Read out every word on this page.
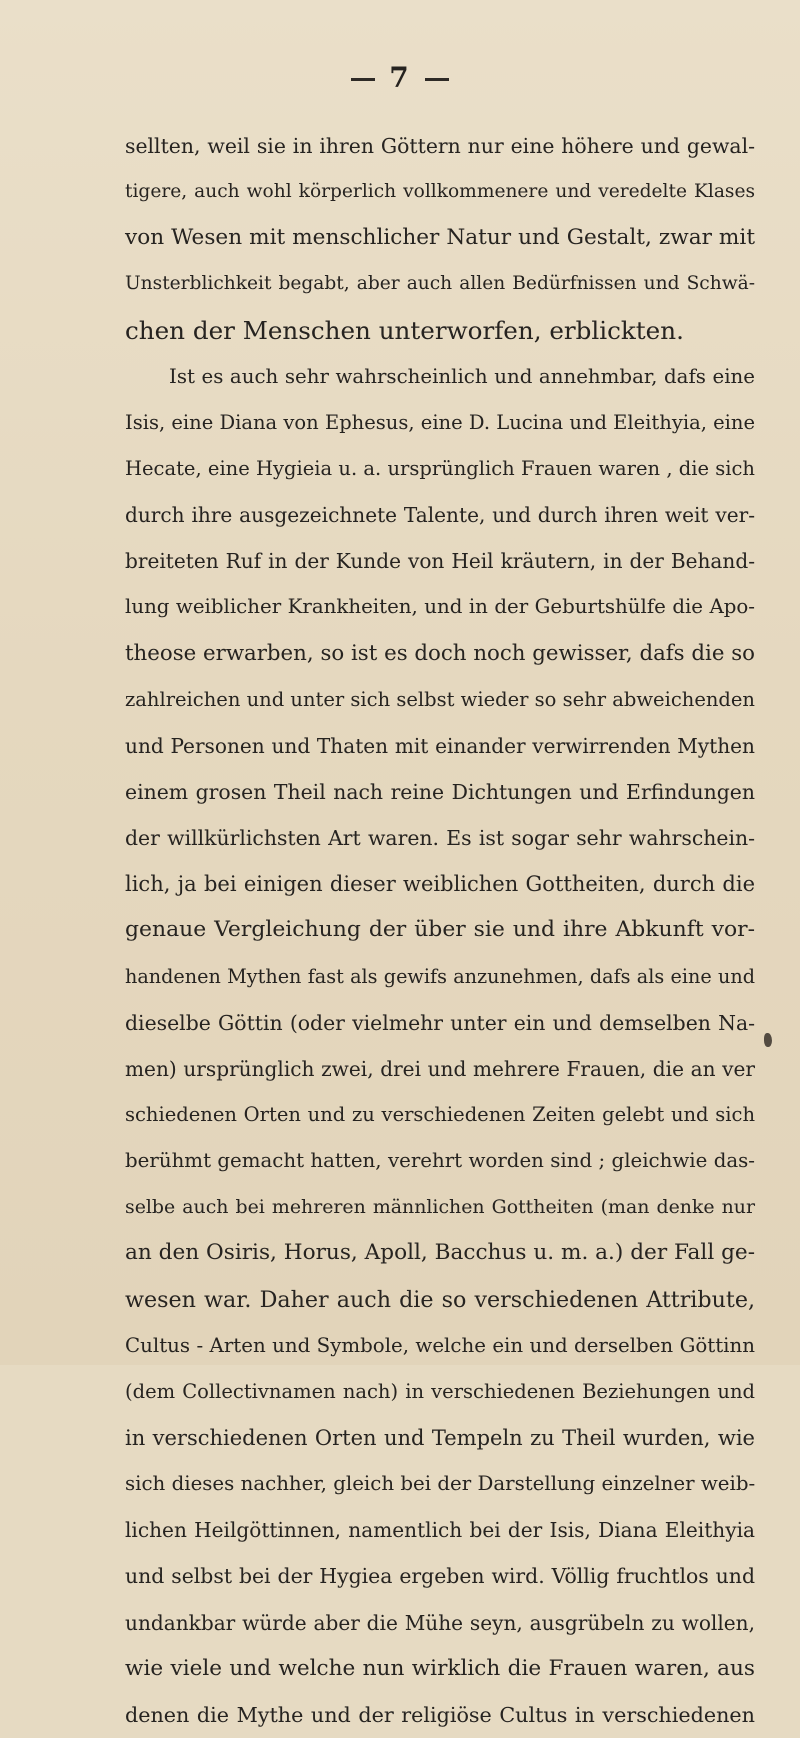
7
sellten, weil sie in ihren Göttern nur eine höhere und gewal-
tigere, auch wohl körperlich vollkommenere und veredelte Klases
von Wesen mit menschlicher Natur und Gestalt, zwar mit
Unsterblichkeit begabt, aber auch allen Bedürfnissen und Schwä-
chen der Menschen unterworfen, erblickten.
Ist es auch sehr wahrscheinlich und annehmbar, dafs eine
Isis, eine Diana von Ephesus, eine D. Lucina und Eleithyia, eine
Hecate, eine Hygieia u. a. ursprünglich Frauen waren , die sich
durch ihre ausgezeichnete Talente, und durch ihren weit ver-
breiteten Ruf in der Kunde von Heil kräutern, in der Behand-
lung weiblicher Krankheiten, und in der Geburtshülfe die Apo-
theose erwarben, so ist es doch noch gewisser, dafs die so
zahlreichen und unter sich selbst wieder so sehr abweichenden
und Personen und Thaten mit einander verwirrenden Mythen
einem grosen Theil nach reine Dichtungen und Erfindungen
der willkürlichsten Art waren. Es ist sogar sehr wahrschein-
lich, ja bei einigen dieser weiblichen Gottheiten, durch die
genaue Vergleichung der über sie und ihre Abkunft vor-
handenen Mythen fast als gewifs anzunehmen, dafs als eine und
dieselbe Göttin (oder vielmehr unter ein und demselben Na-
men) ursprünglich zwei, drei und mehrere Frauen, die an ver
schiedenen Orten und zu verschiedenen Zeiten gelebt und sich
berühmt gemacht hatten, verehrt worden sind ; gleichwie das-
selbe auch bei mehreren männlichen Gottheiten (man denke nur
an den Osiris, Horus, Apoll, Bacchus u. m. a.) der Fall ge-
wesen war. Daher auch die so verschiedenen Attribute,
Cultus - Arten und Symbole, welche ein und derselben Göttinn
(dem Collectivnamen nach) in verschiedenen Beziehungen und
in verschiedenen Orten und Tempeln zu Theil wurden, wie
sich dieses nachher, gleich bei der Darstellung einzelner weib-
lichen Heilgöttinnen, namentlich bei der Isis, Diana Eleithyia
und selbst bei der Hygiea ergeben wird. Völlig fruchtlos und
undankbar würde aber die Mühe seyn, ausgrübeln zu wollen,
wie viele und welche nun wirklich die Frauen waren, aus
denen die Mythe und der religiöse Cultus in verschiedenen
